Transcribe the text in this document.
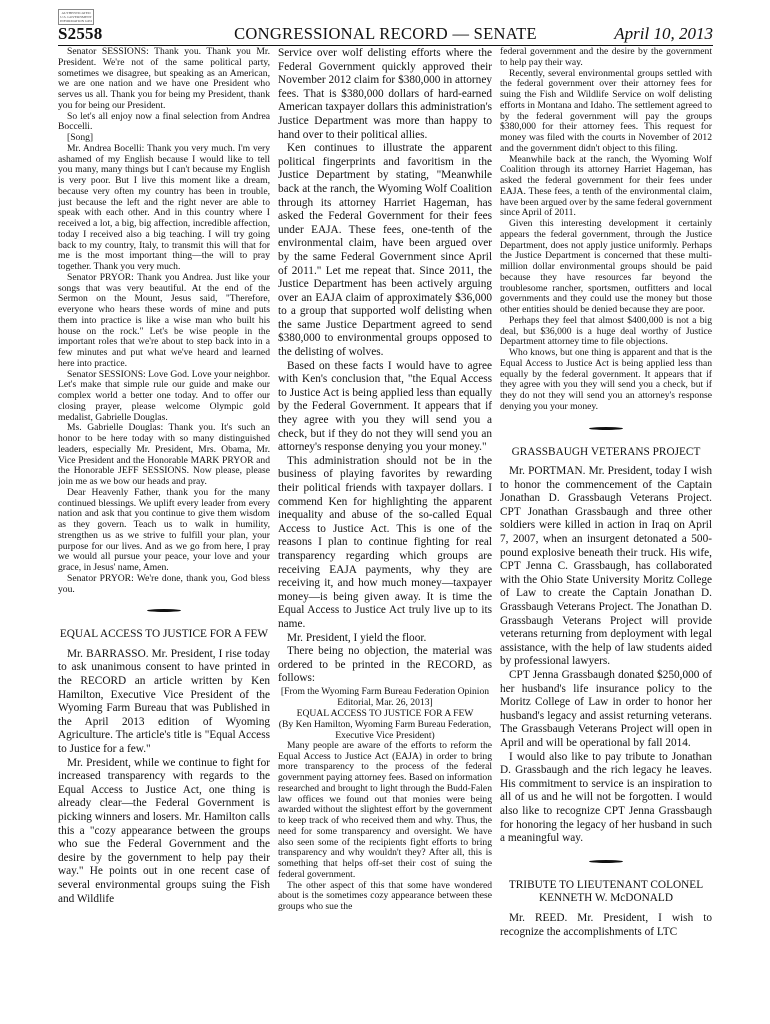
AUTHENTICATED U.S. GOVERNMENT INFORMATION GPO
S2558	CONGRESSIONAL RECORD — SENATE	April 10, 2013

Senator SESSIONS: Thank you. Thank you Mr. President. We're not of the same political party, sometimes we disagree, but speaking as an American, we are one nation and we have one President who serves us all. Thank you for being my President, thank you for being our President.

So let's all enjoy now a final selection from Andrea Boccelli.

[Song]

Mr. Andrea Bocelli: Thank you very much. I'm very ashamed of my English because I would like to tell you many, many things but I can't because my English is very poor. But I live this moment like a dream, because very often my country has been in trouble, just because the left and the right never are able to speak with each other. And in this country where I received a lot, a big, big affection, incredible affection, today I received also a big teaching. I will try going back to my country, Italy, to transmit this will that for me is the most important thing—the will to pray together. Thank you very much.

Senator PRYOR: Thank you Andrea. Just like your songs that was very beautiful. At the end of the Sermon on the Mount, Jesus said, "Therefore, everyone who hears these words of mine and puts them into practice is like a wise man who built his house on the rock." Let's be wise people in the important roles that we're about to step back into in a few minutes and put what we've heard and learned here into practice.

Senator SESSIONS: Love God. Love your neighbor. Let's make that simple rule our guide and make our complex world a better one today. And to offer our closing prayer, please welcome Olympic gold medalist, Gabrielle Douglas.

Ms. Gabrielle Douglas: Thank you. It's such an honor to be here today with so many distinguished leaders, especially Mr. President, Mrs. Obama, Mr. Vice President and the Honorable MARK PRYOR and the Honorable JEFF SESSIONS. Now please, please join me as we bow our heads and pray.

Dear Heavenly Father, thank you for the many continued blessings. We uplift every leader from every nation and ask that you continue to give them wisdom as they govern. Teach us to walk in humility, strengthen us as we strive to fulfill your plan, your purpose for our lives. And as we go from here, I pray we would all pursue your peace, your love and your grace, in Jesus' name, Amen.

Senator PRYOR: We're done, thank you, God bless you.

EQUAL ACCESS TO JUSTICE FOR A FEW

Mr. BARRASSO. Mr. President, I rise today to ask unanimous consent to have printed in the RECORD an article written by Ken Hamilton, Executive Vice President of the Wyoming Farm Bureau that was Published in the April 2013 edition of Wyoming Agriculture. The article's title is "Equal Access to Justice for a few."

Mr. President, while we continue to fight for increased transparency with regards to the Equal Access to Justice Act, one thing is already clear—the Federal Government is picking winners and losers. Mr. Hamilton calls this a "cozy appearance between the groups who sue the Federal Government and the desire by the government to help pay their way." He points out in one recent case of several environmental groups suing the Fish and Wildlife

Service over wolf delisting efforts where the Federal Government quickly approved their November 2012 claim for $380,000 in attorney fees. That is $380,000 dollars of hard-earned American taxpayer dollars this administration's Justice Department was more than happy to hand over to their political allies.

Ken continues to illustrate the apparent political fingerprints and favoritism in the Justice Department by stating, "Meanwhile back at the ranch, the Wyoming Wolf Coalition through its attorney Harriet Hageman, has asked the Federal Government for their fees under EAJA. These fees, one-tenth of the environmental claim, have been argued over by the same Federal Government since April of 2011." Let me repeat that. Since 2011, the Justice Department has been actively arguing over an EAJA claim of approximately $36,000 to a group that supported wolf delisting when the same Justice Department agreed to send $380,000 to environmental groups opposed to the delisting of wolves.

Based on these facts I would have to agree with Ken's conclusion that, "the Equal Access to Justice Act is being applied less than equally by the Federal Government. It appears that if they agree with you they will send you a check, but if they do not they will send you an attorney's response denying you your money."

This administration should not be in the business of playing favorites by rewarding their political friends with taxpayer dollars. I commend Ken for highlighting the apparent inequality and abuse of the so-called Equal Access to Justice Act. This is one of the reasons I plan to continue fighting for real transparency regarding which groups are receiving EAJA payments, why they are receiving it, and how much money—taxpayer money—is being given away. It is time the Equal Access to Justice Act truly live up to its name.

Mr. President, I yield the floor.

There being no objection, the material was ordered to be printed in the RECORD, as follows:

[From the Wyoming Farm Bureau Federation Opinion Editorial, Mar. 26, 2013]

EQUAL ACCESS TO JUSTICE FOR A FEW

(By Ken Hamilton, Wyoming Farm Bureau Federation, Executive Vice President)

Many people are aware of the efforts to reform the Equal Access to Justice Act (EAJA) in order to bring more transparency to the process of the federal government paying attorney fees. Based on information researched and brought to light through the Budd-Falen law offices we found out that monies were being awarded without the slightest effort by the government to keep track of who received them and why. Thus, the need for some transparency and oversight. We have also seen some of the recipients fight efforts to bring transparency and why wouldn't they? After all, this is something that helps off-set their cost of suing the federal government.

The other aspect of this that some have wondered about is the sometimes cozy appearance between these groups who sue the

federal government and the desire by the government to help pay their way.

Recently, several environmental groups settled with the federal government over their attorney fees for suing the Fish and Wildlife Service on wolf delisting efforts in Montana and Idaho. The settlement agreed to by the federal government will pay the groups $380,000 for their attorney fees. This request for money was filed with the courts in November of 2012 and the government didn't object to this filing.

Meanwhile back at the ranch, the Wyoming Wolf Coalition through its attorney Harriet Hageman, has asked the federal government for their fees under EAJA. These fees, a tenth of the environmental claim, have been argued over by the same federal government since April of 2011.

Given this interesting development it certainly appears the federal government, through the Justice Department, does not apply justice uniformly. Perhaps the Justice Department is concerned that these multi-million dollar environmental groups should be paid because they have resources far beyond the troublesome rancher, sportsmen, outfitters and local governments and they could use the money but those other entities should be denied because they are poor.

Perhaps they feel that almost $400,000 is not a big deal, but $36,000 is a huge deal worthy of Justice Department attorney time to file objections.

Who knows, but one thing is apparent and that is the Equal Access to Justice Act is being applied less than equally by the federal government. It appears that if they agree with you they will send you a check, but if they do not they will send you an attorney's response denying you your money.

GRASSBAUGH VETERANS PROJECT

Mr. PORTMAN. Mr. President, today I wish to honor the commencement of the Captain Jonathan D. Grassbaugh Veterans Project. CPT Jonathan Grassbaugh and three other soldiers were killed in action in Iraq on April 7, 2007, when an insurgent detonated a 500-pound explosive beneath their truck. His wife, CPT Jenna C. Grassbaugh, has collaborated with the Ohio State University Moritz College of Law to create the Captain Jonathan D. Grassbaugh Veterans Project. The Jonathan D. Grassbaugh Veterans Project will provide veterans returning from deployment with legal assistance, with the help of law students aided by professional lawyers.

CPT Jenna Grassbaugh donated $250,000 of her husband's life insurance policy to the Moritz College of Law in order to honor her husband's legacy and assist returning veterans. The Grassbaugh Veterans Project will open in April and will be operational by fall 2014.

I would also like to pay tribute to Jonathan D. Grassbaugh and the rich legacy he leaves. His commitment to service is an inspiration to all of us and he will not be forgotten. I would also like to recognize CPT Jenna Grassbaugh for honoring the legacy of her husband in such a meaningful way.

TRIBUTE TO LIEUTENANT COLONEL KENNETH W. McDONALD

Mr. REED. Mr. President, I wish to recognize the accomplishments of LTC
